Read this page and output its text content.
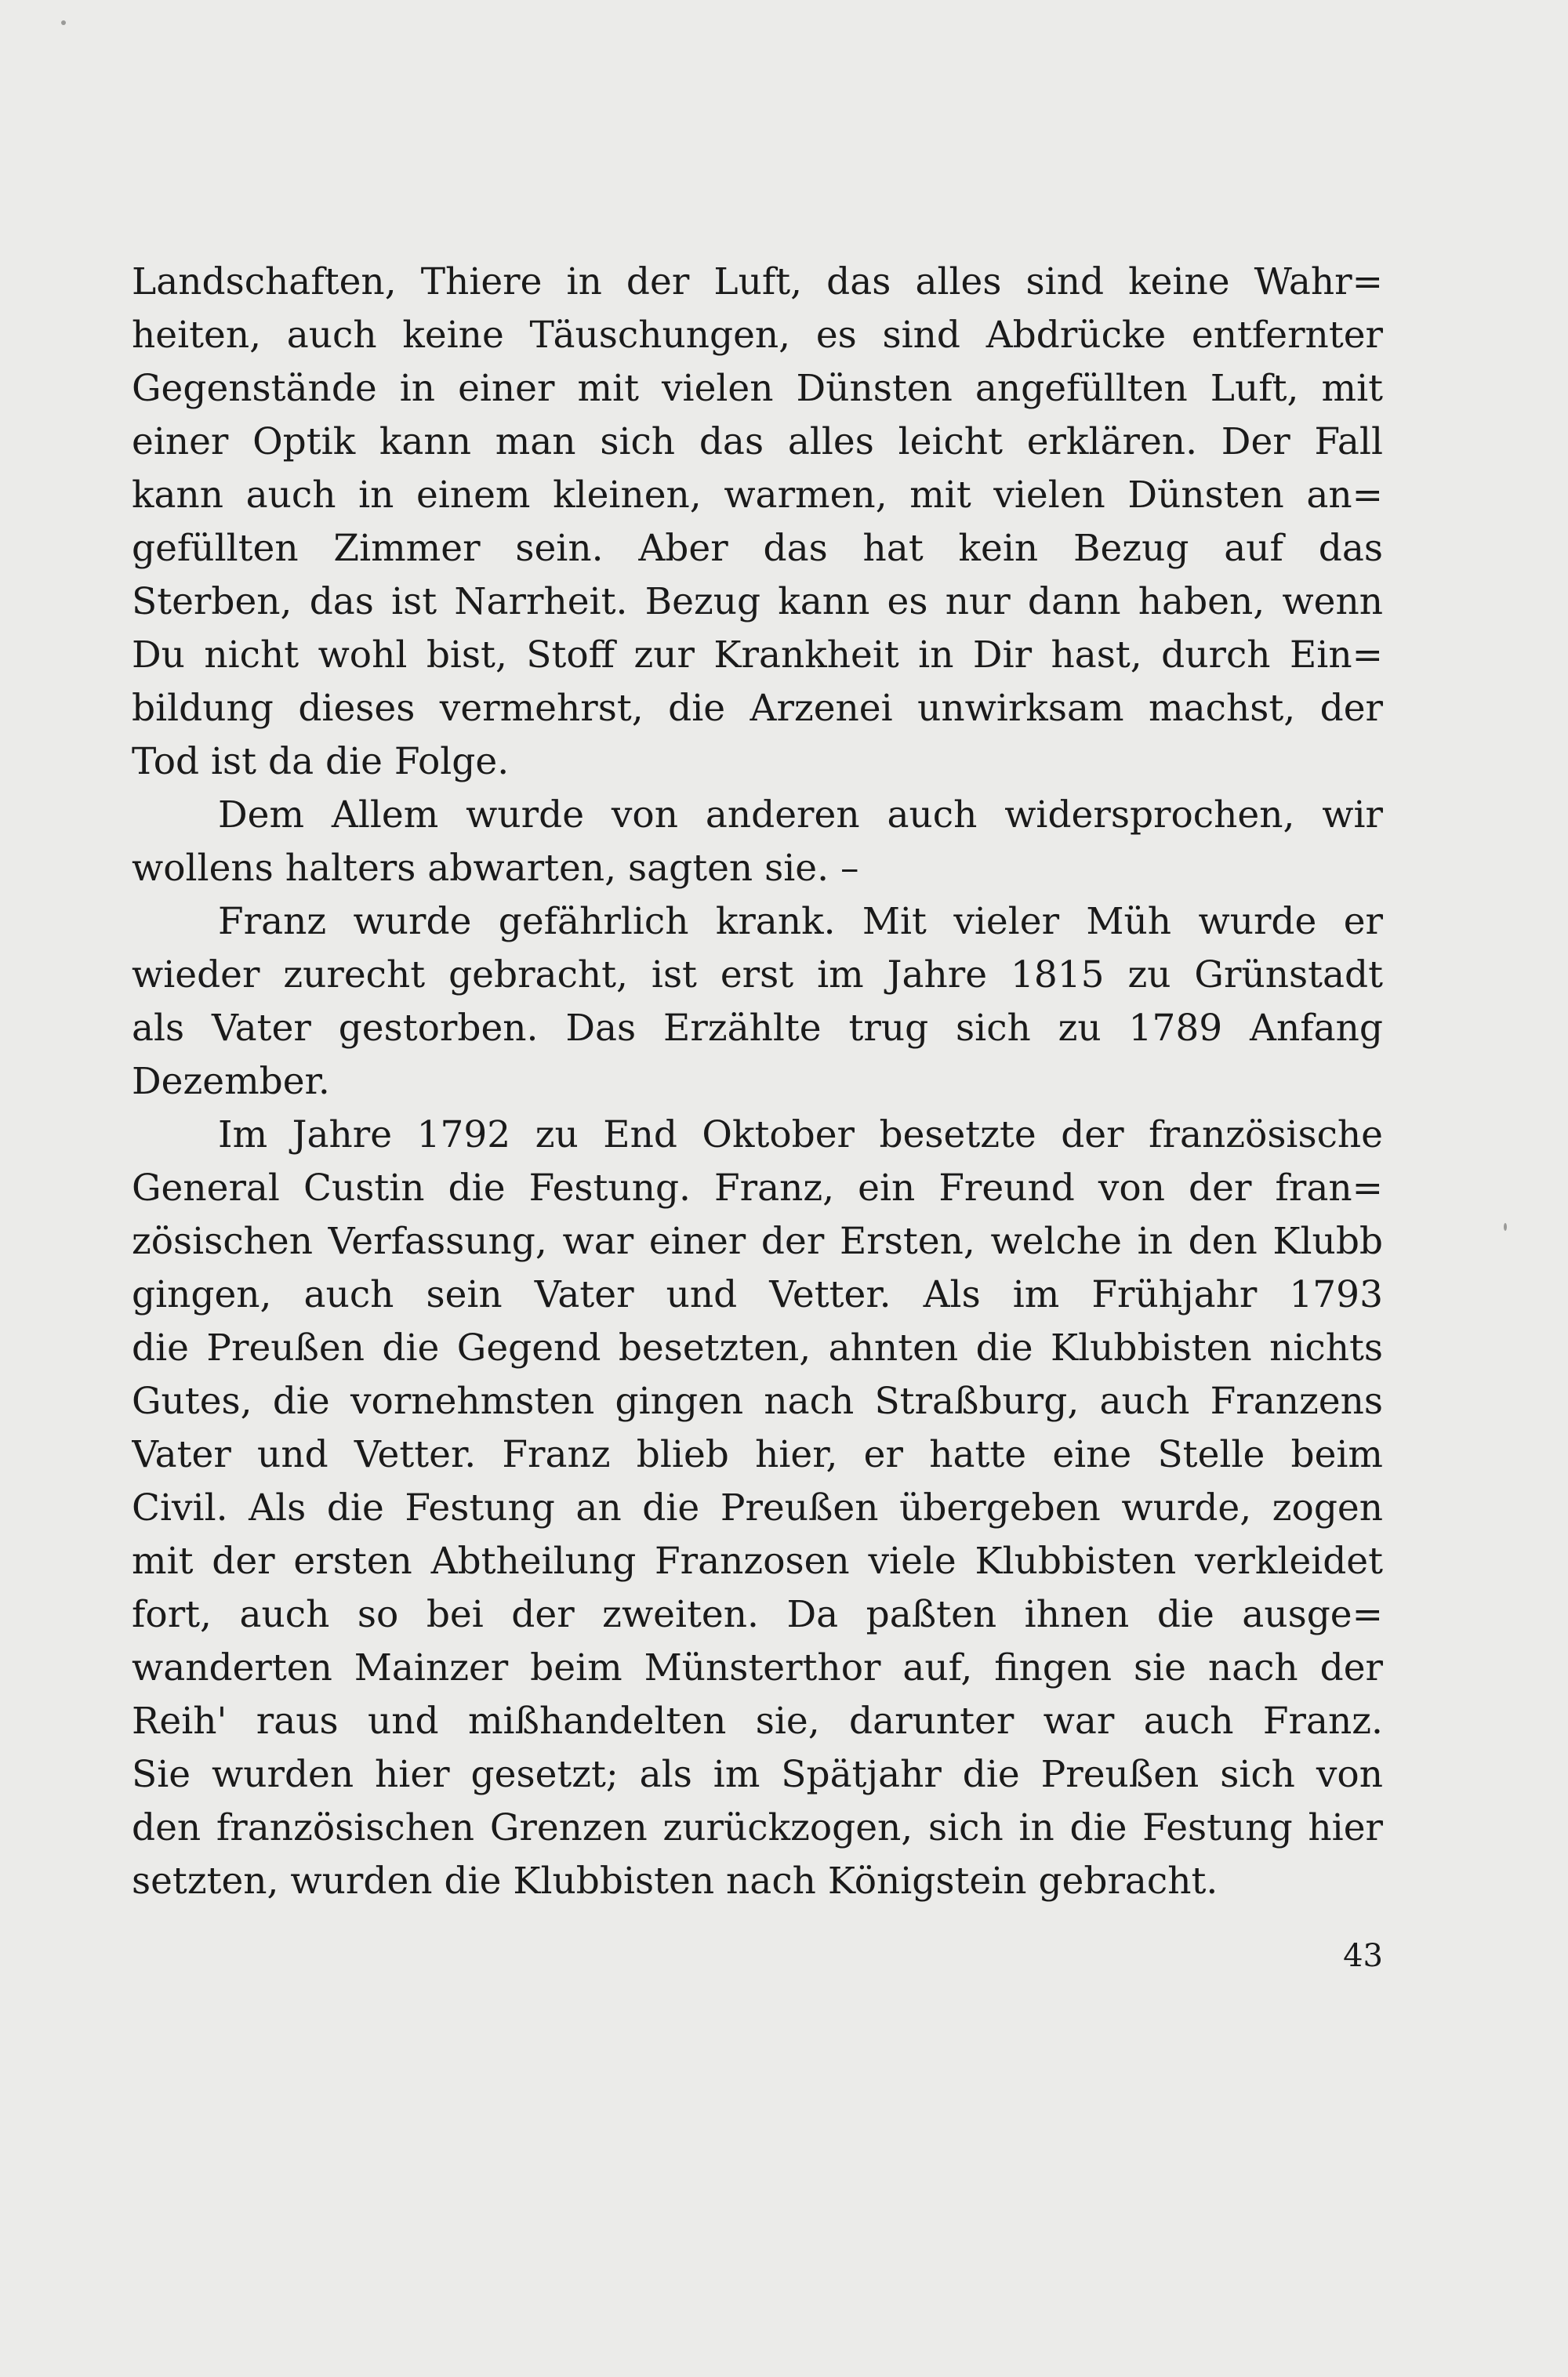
Landschaften, Thiere in der Luft, das alles sind keine Wahr=
heiten, auch keine Täuschungen, es sind Abdrücke entfernter
Gegenstände in einer mit vielen Dünsten angefüllten Luft, mit
einer Optik kann man sich das alles leicht erklären. Der Fall
kann auch in einem kleinen, warmen, mit vielen Dünsten an=
gefüllten Zimmer sein. Aber das hat kein Bezug auf das
Sterben, das ist Narrheit. Bezug kann es nur dann haben, wenn
Du nicht wohl bist, Stoff zur Krankheit in Dir hast, durch Ein=
bildung dieses vermehrst, die Arzenei unwirksam machst, der
Tod ist da die Folge.
Dem Allem wurde von anderen auch widersprochen, wir
wollens halters abwarten, sagten sie. –
Franz wurde gefährlich krank. Mit vieler Müh wurde er
wieder zurecht gebracht, ist erst im Jahre 1815 zu Grünstadt
als Vater gestorben. Das Erzählte trug sich zu 1789 Anfang
Dezember.
Im Jahre 1792 zu End Oktober besetzte der französische
General Custin die Festung. Franz, ein Freund von der fran=
zösischen Verfassung, war einer der Ersten, welche in den Klubb
gingen, auch sein Vater und Vetter. Als im Frühjahr 1793
die Preußen die Gegend besetzten, ahnten die Klubbisten nichts
Gutes, die vornehmsten gingen nach Straßburg, auch Franzens
Vater und Vetter. Franz blieb hier, er hatte eine Stelle beim
Civil. Als die Festung an die Preußen übergeben wurde, zogen
mit der ersten Abtheilung Franzosen viele Klubbisten verkleidet
fort, auch so bei der zweiten. Da paßten ihnen die ausge=
wanderten Mainzer beim Münsterthor auf, fingen sie nach der
Reih' raus und mißhandelten sie, darunter war auch Franz.
Sie wurden hier gesetzt; als im Spätjahr die Preußen sich von
den französischen Grenzen zurückzogen, sich in die Festung hier
setzten, wurden die Klubbisten nach Königstein gebracht.
43
